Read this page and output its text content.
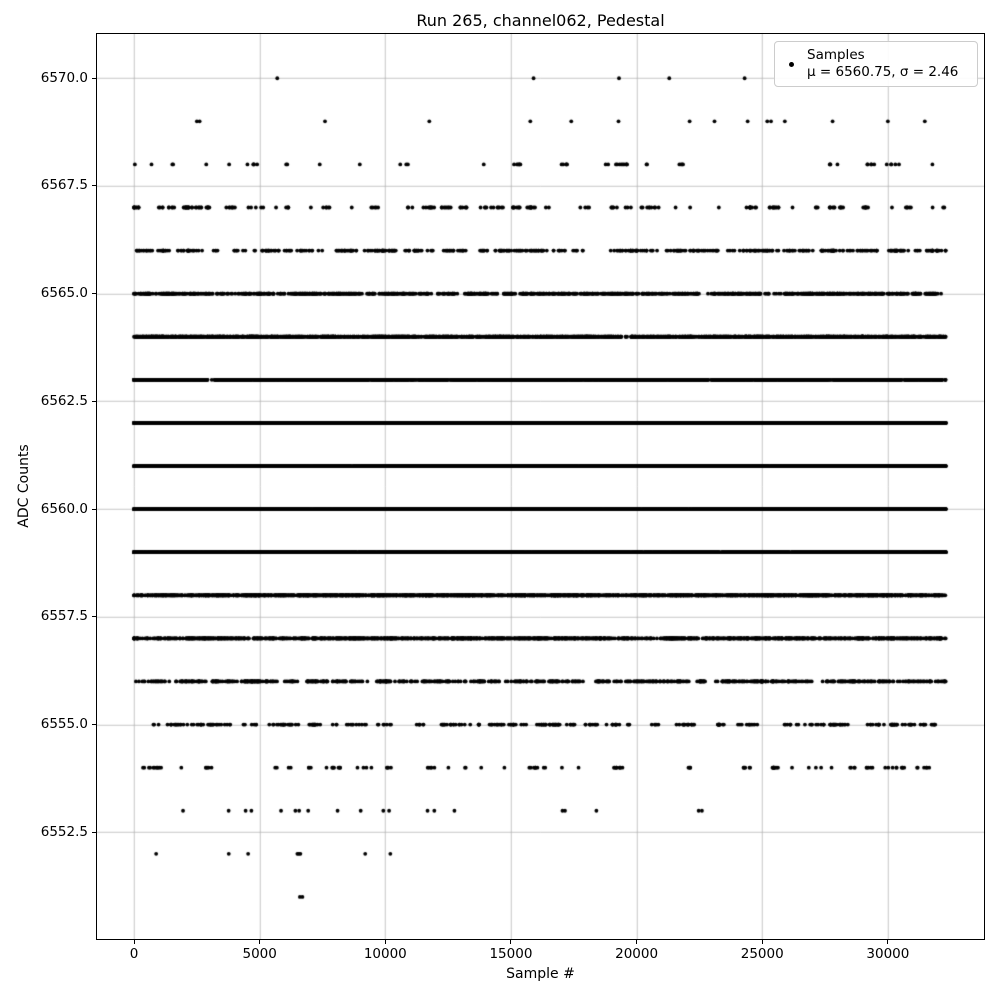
ADC Counts
Sample #
0	5000	10000	15000	20000	25000	30000
6552.5
6555.0
6557.5
6560.0
6562.5
6565.0
6567.5
6570.0
Samples
μ = 6560.75, σ = 2.46
